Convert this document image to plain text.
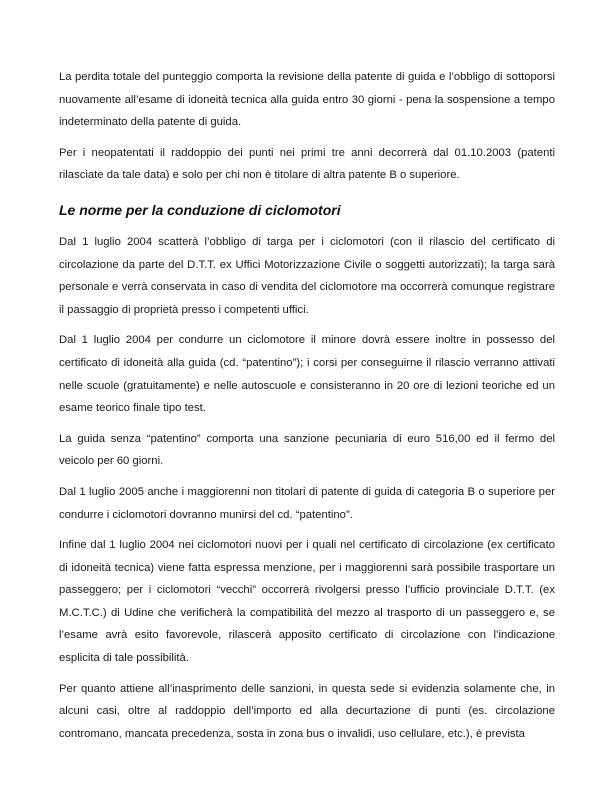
La perdita totale del punteggio comporta la revisione della patente di guida e l’obbligo di sottoporsi nuovamente all’esame di idoneità tecnica alla guida entro 30 giorni - pena la sospensione a tempo indeterminato della patente di guida.

Per i neopatentati il raddoppio dei punti nei primi tre anni decorrerà dal 01.10.2003 (patenti rilasciate da tale data) e solo per chi non è titolare di altra patente B o superiore.

Le norme per la conduzione di ciclomotori

Dal 1 luglio 2004 scatterà l’obbligo di targa per i ciclomotori (con il rilascio del certificato di circolazione da parte del D.T.T. ex Uffici Motorizzazione Civile o soggetti autorizzati); la targa sarà personale e verrà conservata in caso di vendita del ciclomotore ma occorrerà comunque registrare il passaggio di proprietà presso i competenti uffici.

Dal 1 luglio 2004 per condurre un ciclomotore il minore dovrà essere inoltre in possesso del certificato di idoneità alla guida (cd. “patentino”); i corsi per conseguirne il rilascio verranno attivati nelle scuole (gratuitamente) e nelle autoscuole e consisteranno in 20 ore di lezioni teoriche ed un esame teorico finale tipo test.

La guida senza “patentino” comporta una sanzione pecuniaria di euro 516,00 ed il fermo del veicolo per 60 giorni.

Dal 1 luglio 2005 anche i maggiorenni non titolari di patente di guida di categoria B o superiore per condurre i ciclomotori dovranno munirsi del cd. “patentino”.

Infine dal 1 luglio 2004 nei ciclomotori nuovi per i quali nel certificato di circolazione (ex certificato di idoneità tecnica) viene fatta espressa menzione, per i maggiorenni sarà possibile trasportare un passeggero; per i ciclomotori “vecchi” occorrerà rivolgersi presso l’ufficio provinciale D.T.T. (ex M.C.T.C.) di Udine che verificherà la compatibilità del mezzo al trasporto di un passeggero e, se l’esame avrà esito favorevole, rilascerà apposito certificato di circolazione con l’indicazione esplicita di tale possibilità.

Per quanto attiene all’inasprimento delle sanzioni, in questa sede si evidenzia solamente che, in alcuni casi, oltre al raddoppio dell’importo ed alla decurtazione di punti (es. circolazione contromano, mancata precedenza, sosta in zona bus o invalidi, uso cellulare, etc.), è prevista
